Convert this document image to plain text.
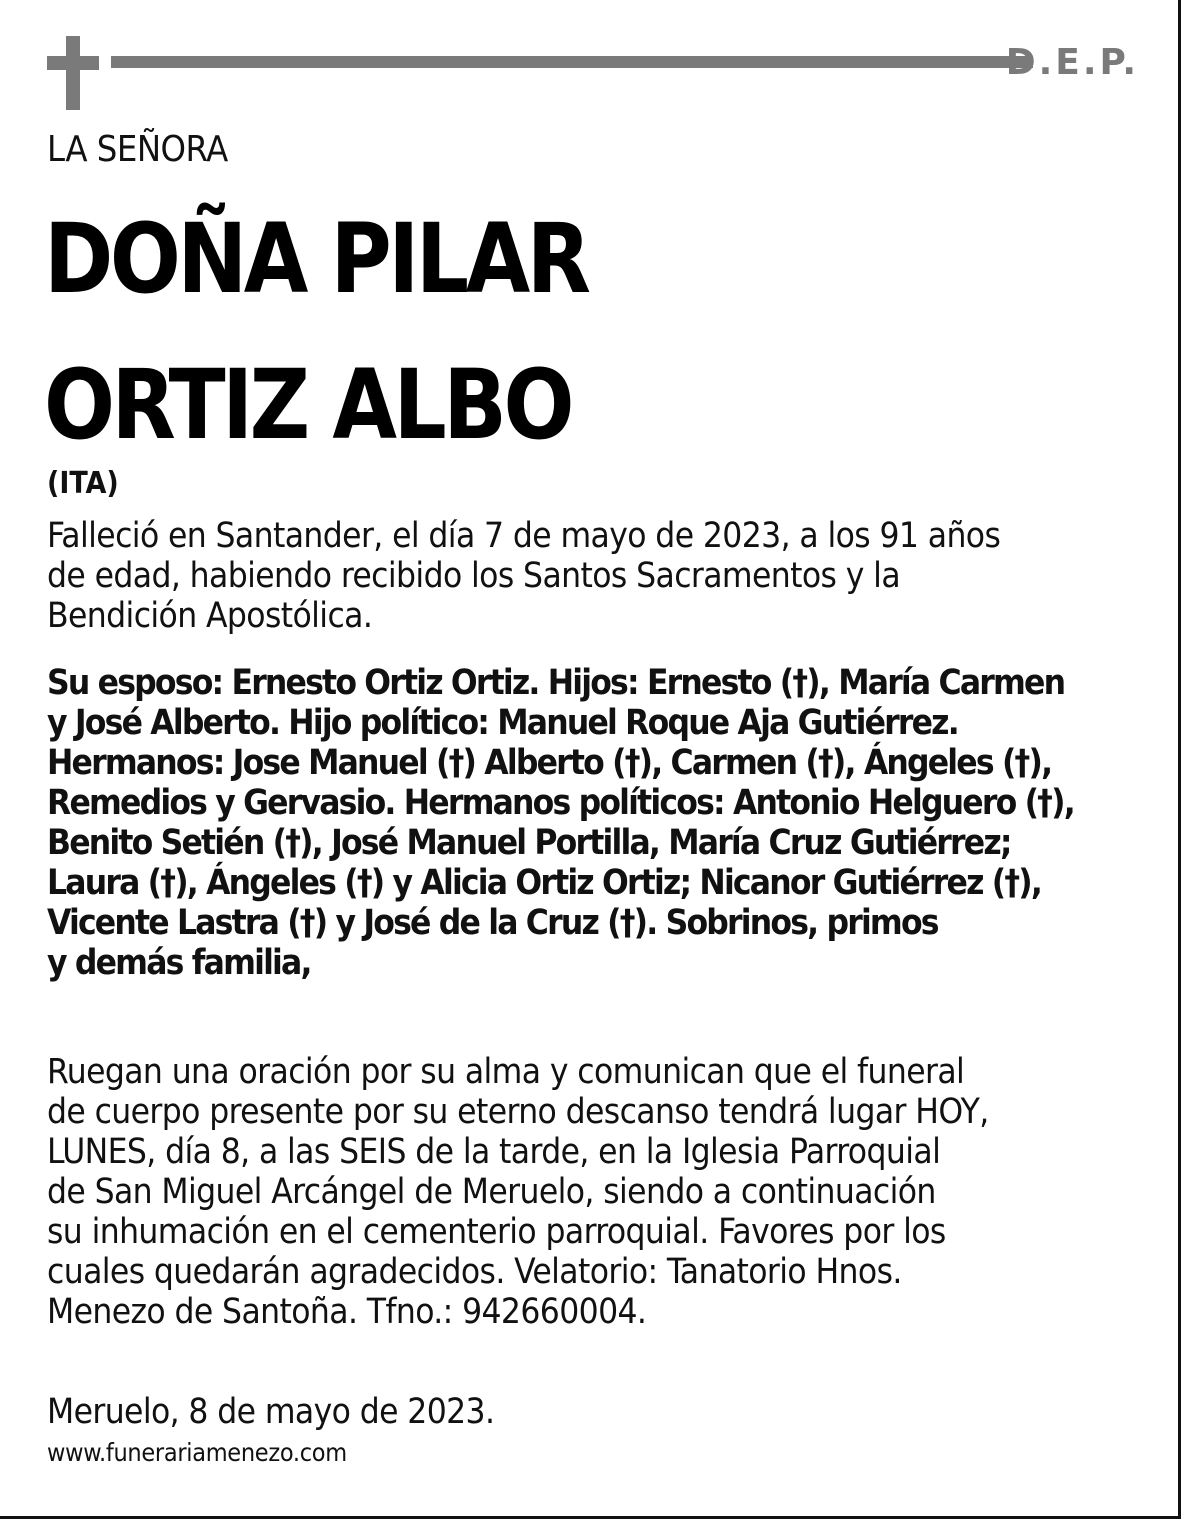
D.E.P.
LA SEÑORA
DOÑA PILAR
ORTIZ ALBO
(ITA)
Falleció en Santander, el día 7 de mayo de 2023, a los 91 años
de edad, habiendo recibido los Santos Sacramentos y la
Bendición Apostólica.
Su esposo: Ernesto Ortiz Ortiz. Hijos: Ernesto (†), María Carmen
y José Alberto. Hijo político: Manuel Roque Aja Gutiérrez.
Hermanos: Jose Manuel (†) Alberto (†), Carmen (†), Ángeles (†),
Remedios y Gervasio. Hermanos políticos: Antonio Helguero (†),
Benito Setién (†), José Manuel Portilla, María Cruz Gutiérrez;
Laura (†), Ángeles (†) y Alicia Ortiz Ortiz; Nicanor Gutiérrez (†),
Vicente Lastra (†) y José de la Cruz (†). Sobrinos, primos
y demás familia,
Ruegan una oración por su alma y comunican que el funeral
de cuerpo presente por su eterno descanso tendrá lugar HOY,
LUNES, día 8, a las SEIS de la tarde, en la Iglesia Parroquial
de San Miguel Arcángel de Meruelo, siendo a continuación
su inhumación en el cementerio parroquial. Favores por los
cuales quedarán agradecidos. Velatorio: Tanatorio Hnos.
Menezo de Santoña. Tfno.: 942660004.
Meruelo, 8 de mayo de 2023.
www.funerariamenezo.com
